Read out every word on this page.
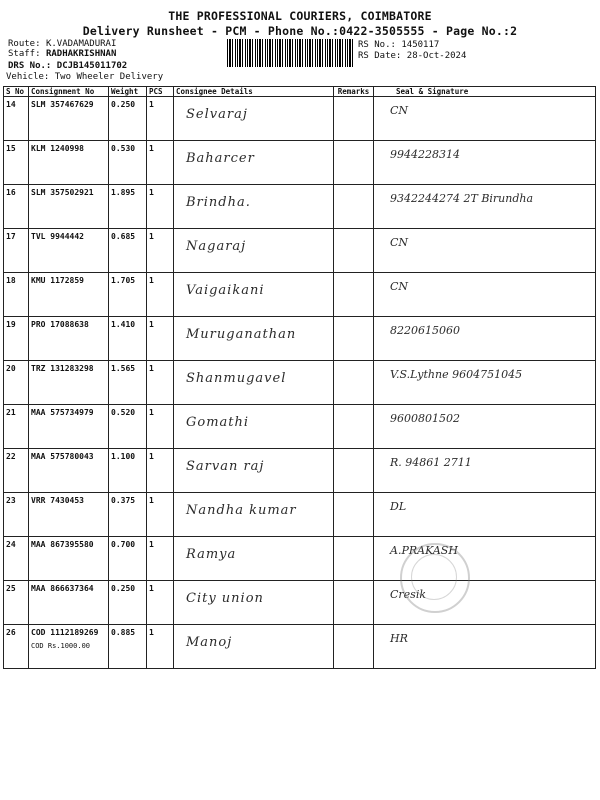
THE PROFESSIONAL COURIERS, COIMBATORE
Delivery Runsheet - PCM - Phone No.:0422-3505555 - Page No.:2
Route: K.VADAMADURAI
Staff: RADHAKRISHNAN
DRS No.: DCJB145011702
RS No.: 1450117
RS Date: 28-Oct-2024
Vehicle: Two Wheeler Delivery
S No	Consignment No	Weight	PCS	Consignee Details	Remarks	Seal & Signature
14	SLM 357467629	0.250	1	Selvaraj		CN

15	KLM 1240998	0.530	1	Baharcer		9944228314

16	SLM 357502921	1.895	1	Brindha.		9342244274 2T Birundha

17	TVL 9944442	0.685	1	Nagaraj		CN

18	KMU 1172859	1.705	1	Vaigaikani		CN

19	PRO 17088638	1.410	1	Muruganathan		8220615060

20	TRZ 131283298	1.565	1	Shanmugavel		V.S.Lythne 9604751045

21	MAA 575734979	0.520	1	Gomathi		9600801502

22	MAA 575780043	1.100	1	Sarvan raj		R. 94861 2711

23	VRR 7430453	0.375	1	Nandha kumar		DL

24	MAA 867395580	0.700	1	Ramya		A.PRAKASH

25	MAA 866637364	0.250	1	City union		Cresik

26	COD 1112189269
COD Rs.1000.00	0.885	1	Manoj		HR
